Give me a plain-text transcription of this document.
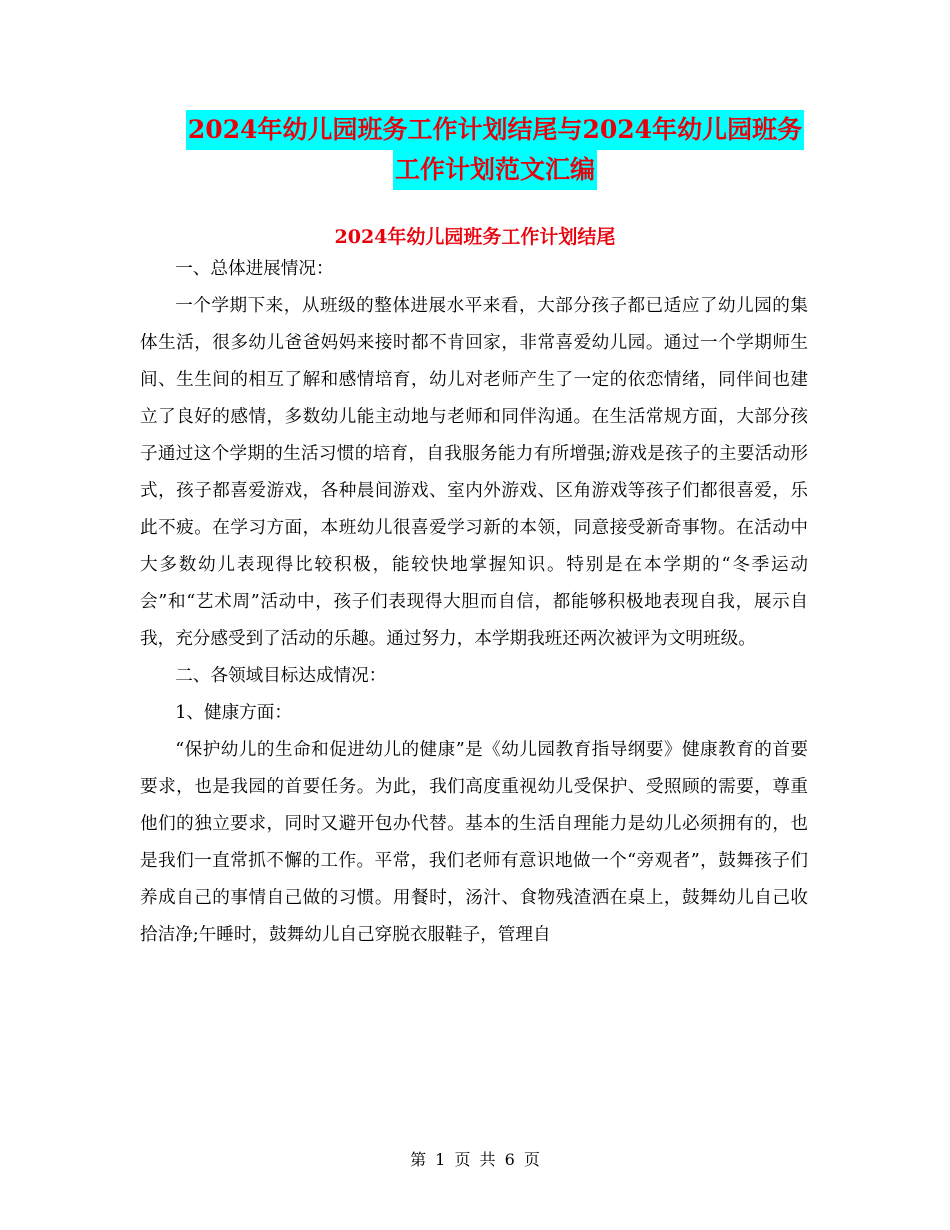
2024年幼儿园班务工作计划结尾与2024年幼儿园班务
工作计划范文汇编
2024年幼儿园班务工作计划结尾

一、总体进展情况：

一个学期下来，从班级的整体进展水平来看，大部分孩子都已适应了幼儿园的集体生活，很多幼儿爸爸妈妈来接时都不肯回家，非常喜爱幼儿园。通过一个学期师生间、生生间的相互了解和感情培育，幼儿对老师产生了一定的依恋情绪，同伴间也建立了良好的感情，多数幼儿能主动地与老师和同伴沟通。在生活常规方面，大部分孩子通过这个学期的生活习惯的培育，自我服务能力有所增强;游戏是孩子的主要活动形式，孩子都喜爱游戏，各种晨间游戏、室内外游戏、区角游戏等孩子们都很喜爱，乐此不疲。在学习方面，本班幼儿很喜爱学习新的本领，同意接受新奇事物。在活动中大多数幼儿表现得比较积极，能较快地掌握知识。特别是在本学期的“冬季运动会”和“艺术周”活动中，孩子们表现得大胆而自信，都能够积极地表现自我，展示自我，充分感受到了活动的乐趣。通过努力，本学期我班还两次被评为文明班级。

二、各领域目标达成情况：

1、健康方面：

“保护幼儿的生命和促进幼儿的健康”是《幼儿园教育指导纲要》健康教育的首要要求，也是我园的首要任务。为此，我们高度重视幼儿受保护、受照顾的需要，尊重他们的独立要求，同时又避开包办代替。基本的生活自理能力是幼儿必须拥有的，也是我们一直常抓不懈的工作。平常，我们老师有意识地做一个“旁观者”，鼓舞孩子们养成自己的事情自己做的习惯。用餐时，汤汁、食物残渣洒在桌上，鼓舞幼儿自己收拾洁净;午睡时，鼓舞幼儿自己穿脱衣服鞋子，管理自

第 1 页 共 6 页
